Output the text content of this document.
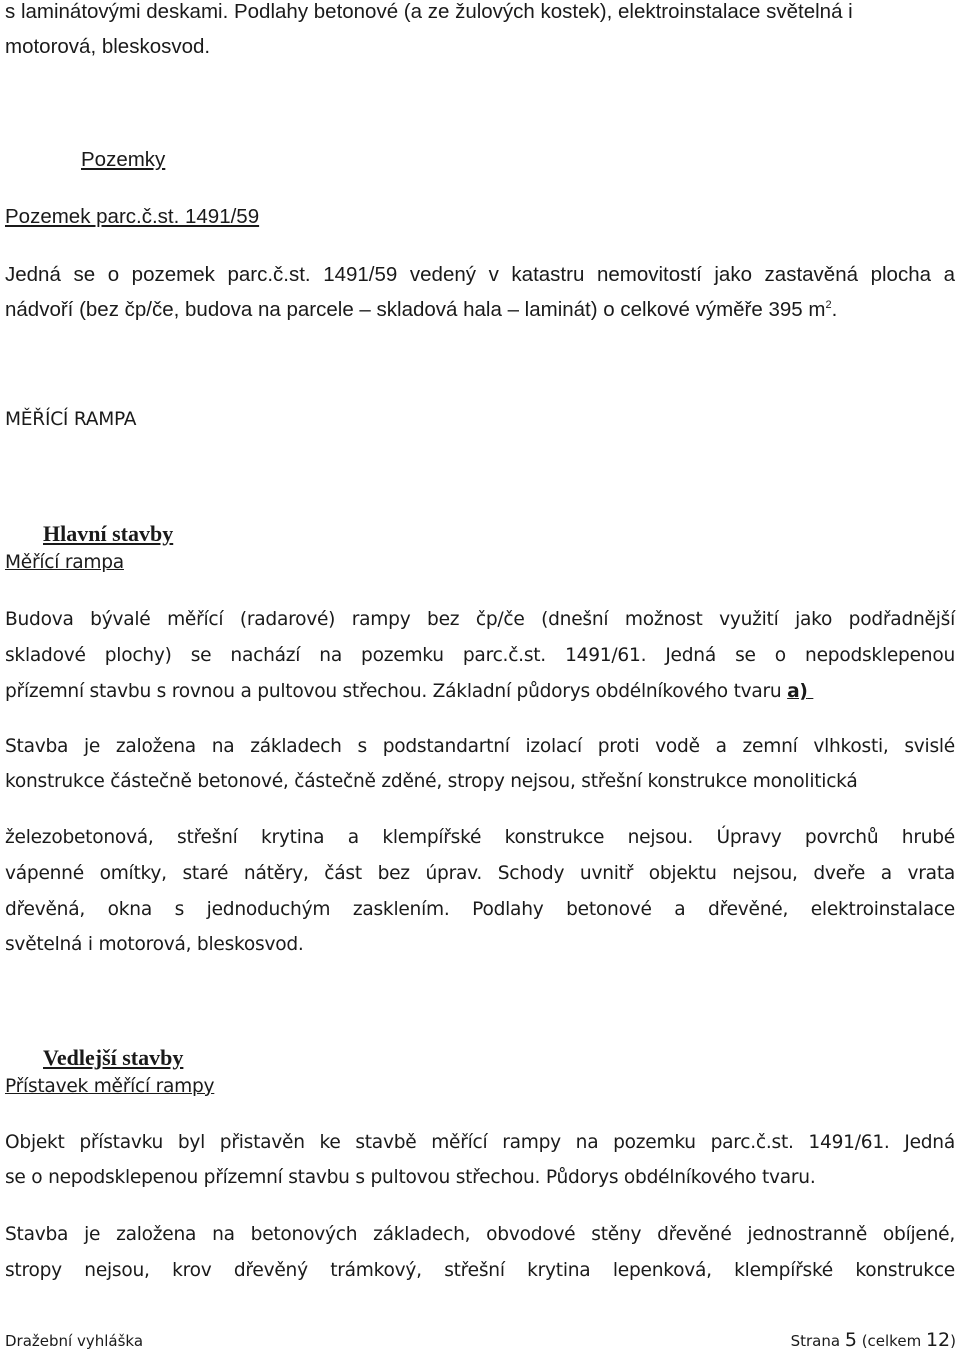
s laminátovými deskami. Podlahy betonové (a ze žulových kostek), elektroinstalace světelná i
motorová, bleskosvod.
Pozemky
Pozemek parc.č.st. 1491/59
Jedná se o pozemek parc.č.st. 1491/59 vedený v katastru nemovitostí jako zastavěná plocha a
nádvoří (bez čp/če, budova na parcele – skladová hala – laminát) o celkové výměře 395 $m^2$.
MĚŘÍCÍ RAMPA
Hlavní stavby
Měřící rampa
Budova bývalé měřící (radarové) rampy bez čp/če (dnešní možnost využití jako podřadnější
skladové plochy) se nachází na pozemku parc.č.st. 1491/61. Jedná se o nepodsklepenou
přízemní stavbu s rovnou a pultovou střechou. Základní půdorys obdélníkového tvaru a)
Stavba je založena na základech s podstandartní izolací proti vodě a zemní vlhkosti, svislé
konstrukce částečně betonové, částečně zděné, stropy nejsou, střešní konstrukce monolitická
železobetonová, střešní krytina a klempířské konstrukce nejsou. Úpravy povrchů hrubé
vápenné omítky, staré nátěry, část bez úprav. Schody uvnitř objektu nejsou, dveře a vrata
dřevěná, okna s jednoduchým zasklením. Podlahy betonové a dřevěné, elektroinstalace
světelná i motorová, bleskosvod.
Vedlejší stavby
Přístavek měřící rampy
Objekt přístavku byl přistavěn ke stavbě měřící rampy na pozemku parc.č.st. 1491/61. Jedná
se o nepodsklepenou přízemní stavbu s pultovou střechou. Půdorys obdélníkového tvaru.
Stavba je založena na betonových základech, obvodové stěny dřevěné jednostranně obíjené,
stropy nejsou, krov dřevěný trámkový, střešní krytina lepenková, klempířské konstrukce
Dražební vyhláška	Strana 5 (celkem 12)
